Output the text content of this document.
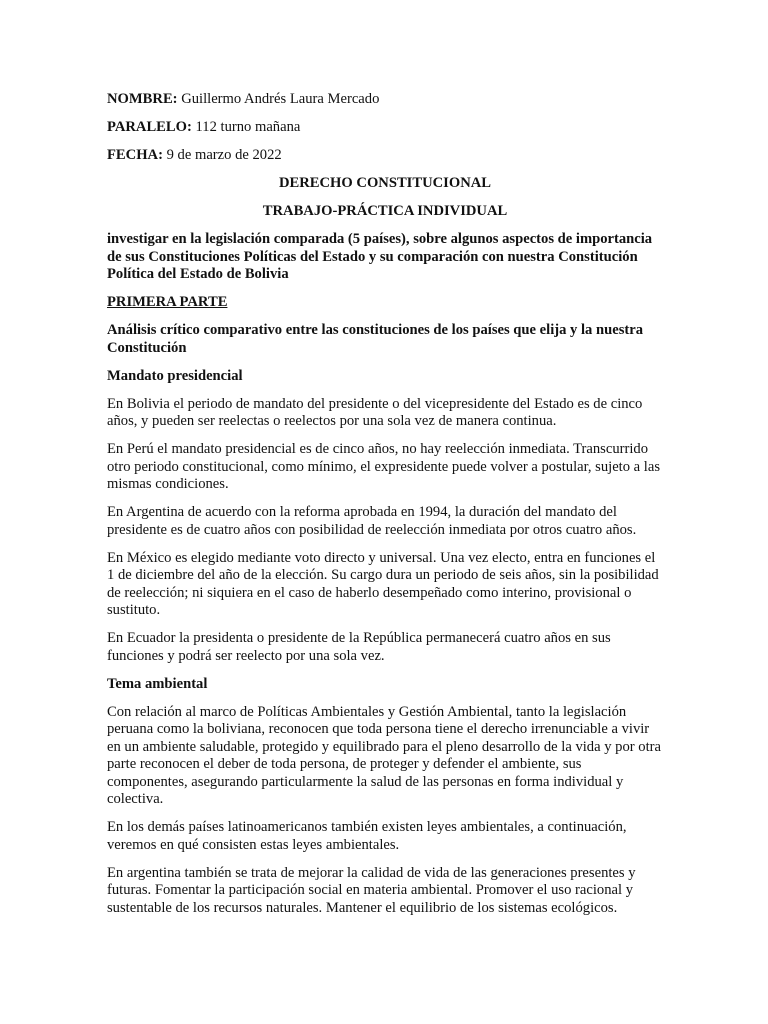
NOMBRE: Guillermo Andrés Laura Mercado
PARALELO: 112 turno mañana
FECHA: 9 de marzo de 2022
DERECHO CONSTITUCIONAL
TRABAJO-PRÁCTICA INDIVIDUAL

investigar en la legislación comparada (5 países), sobre algunos aspectos de importancia de sus Constituciones Políticas del Estado y su comparación con nuestra Constitución Política del Estado de Bolivia

PRIMERA PARTE

Análisis crítico comparativo entre las constituciones de los países que elija y la nuestra Constitución

Mandato presidencial

En Bolivia el periodo de mandato del presidente o del vicepresidente del Estado es de cinco años, y pueden ser reelectas o reelectos por una sola vez de manera continua.

En Perú el mandato presidencial es de cinco años, no hay reelección inmediata. Transcurrido otro periodo constitucional, como mínimo, el expresidente puede volver a postular, sujeto a las mismas condiciones.

En Argentina de acuerdo con la reforma aprobada en 1994, la duración del mandato del presidente es de cuatro años con posibilidad de reelección inmediata por otros cuatro años.

En México es elegido mediante voto directo y universal. Una vez electo, entra en funciones el 1 de diciembre del año de la elección. Su cargo dura un periodo de seis años, sin la posibilidad de reelección; ni siquiera en el caso de haberlo desempeñado como interino, provisional o sustituto.

En Ecuador la presidenta o presidente de la República permanecerá cuatro años en sus funciones y podrá ser reelecto por una sola vez.

Tema ambiental

Con relación al marco de Políticas Ambientales y Gestión Ambiental, tanto la legislación peruana como la boliviana, reconocen que toda persona tiene el derecho irrenunciable a vivir en un ambiente saludable, protegido y equilibrado para el pleno desarrollo de la vida y por otra parte reconocen el deber de toda persona, de proteger y defender el ambiente, sus componentes, asegurando particularmente la salud de las personas en forma individual y colectiva.

En los demás países latinoamericanos también existen leyes ambientales, a continuación, veremos en qué consisten estas leyes ambientales.

En argentina también se trata de mejorar la calidad de vida de las generaciones presentes y futuras. Fomentar la participación social en materia ambiental. Promover el uso racional y sustentable de los recursos naturales. Mantener el equilibrio de los sistemas ecológicos.
